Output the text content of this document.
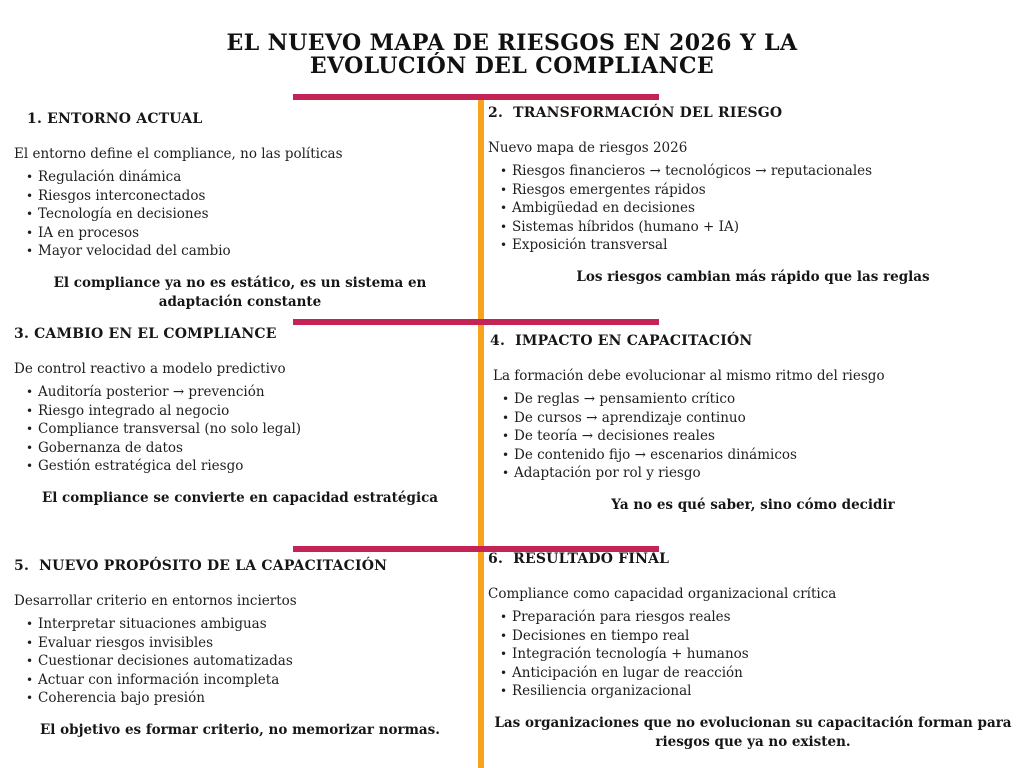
EL NUEVO MAPA DE RIESGOS EN 2026 Y LA
EVOLUCIÓN DEL COMPLIANCE
1. ENTORNO ACTUAL

El entorno define el compliance, no las políticas

• Regulación dinámica
• Riesgos interconectados
• Tecnología en decisiones
• IA en procesos
• Mayor velocidad del cambio

El compliance ya no es estático, es un sistema en adaptación constante

2.  TRANSFORMACIÓN DEL RIESGO

Nuevo mapa de riesgos 2026

• Riesgos financieros → tecnológicos → reputacionales
• Riesgos emergentes rápidos
• Ambigüedad en decisiones
• Sistemas híbridos (humano + IA)
• Exposición transversal

Los riesgos cambian más rápido que las reglas

3. CAMBIO EN EL COMPLIANCE

De control reactivo a modelo predictivo

• Auditoría posterior → prevención
• Riesgo integrado al negocio
• Compliance transversal (no solo legal)
• Gobernanza de datos
• Gestión estratégica del riesgo

El compliance se convierte en capacidad estratégica

4.  IMPACTO EN CAPACITACIÓN

La formación debe evolucionar al mismo ritmo del riesgo

• De reglas → pensamiento crítico
• De cursos → aprendizaje continuo
• De teoría → decisiones reales
• De contenido fijo → escenarios dinámicos
• Adaptación por rol y riesgo

Ya no es qué saber, sino cómo decidir

5.  NUEVO PROPÓSITO DE LA CAPACITACIÓN

Desarrollar criterio en entornos inciertos

• Interpretar situaciones ambiguas
• Evaluar riesgos invisibles
• Cuestionar decisiones automatizadas
• Actuar con información incompleta
• Coherencia bajo presión

El objetivo es formar criterio, no memorizar normas.

6.  RESULTADO FINAL

Compliance como capacidad organizacional crítica

• Preparación para riesgos reales
• Decisiones en tiempo real
• Integración tecnología + humanos
• Anticipación en lugar de reacción
• Resiliencia organizacional

Las organizaciones que no evolucionan su capacitación forman para riesgos que ya no existen.
